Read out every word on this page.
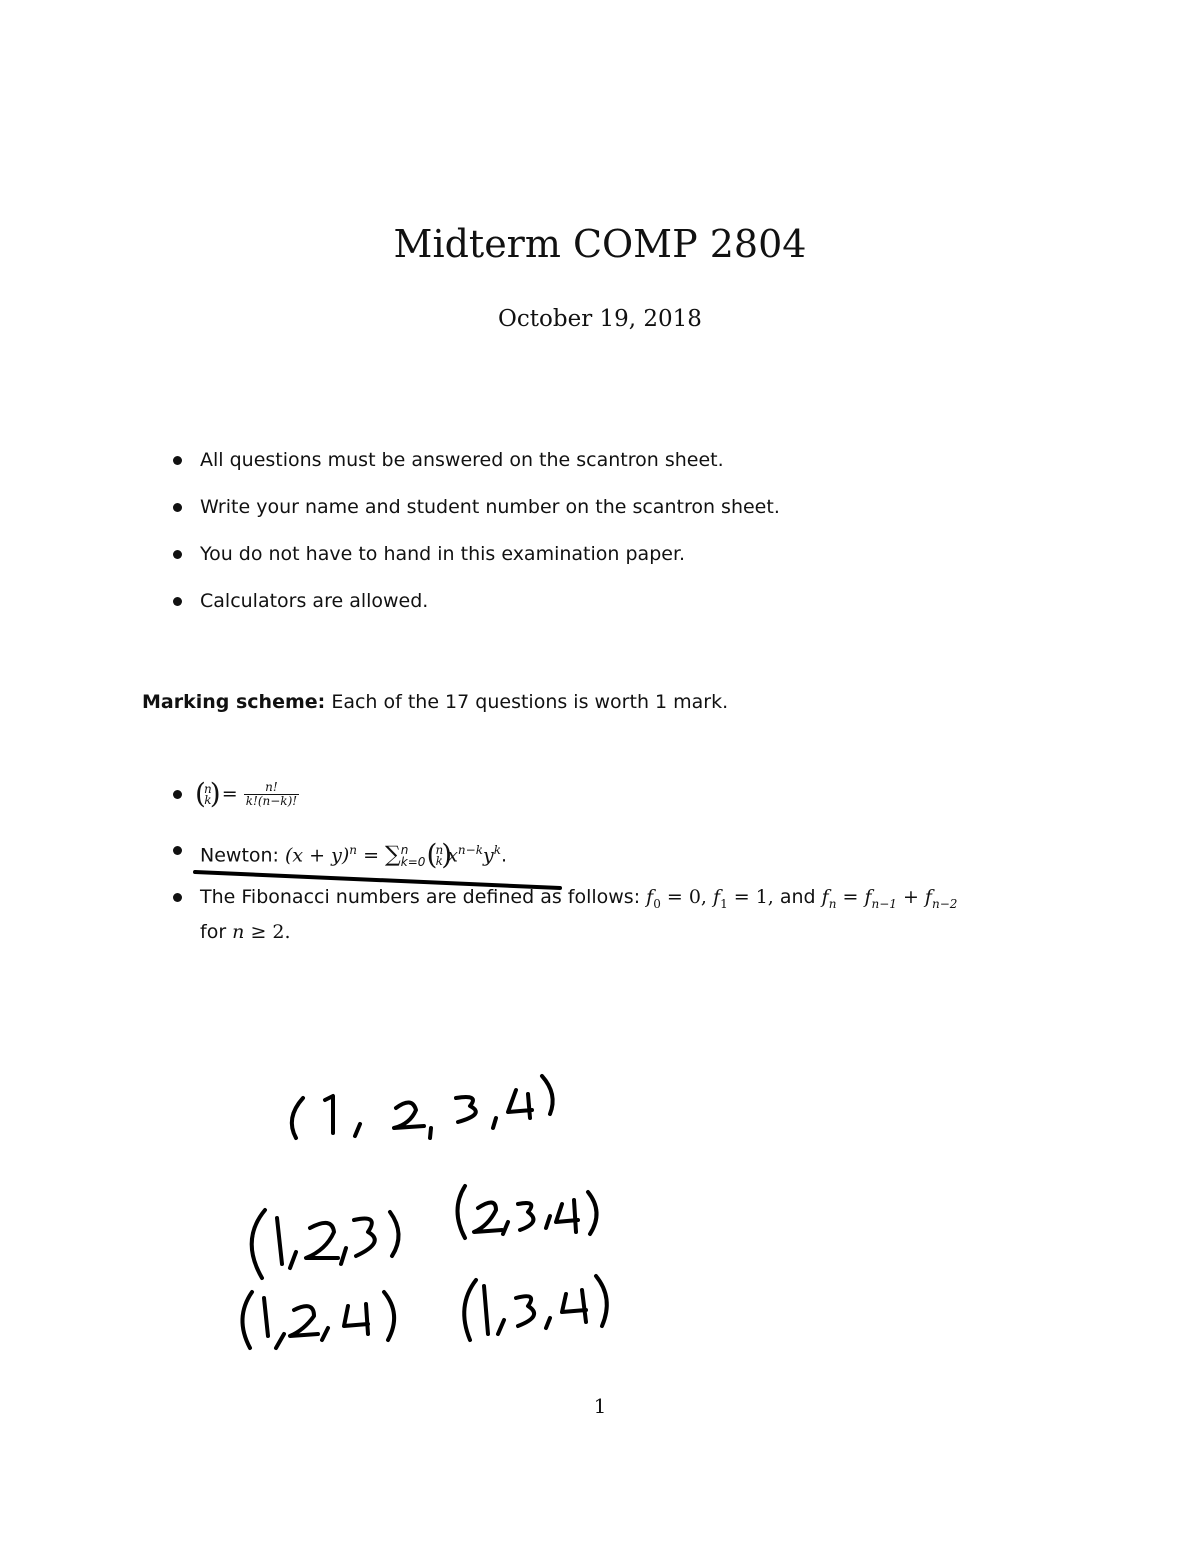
Midterm COMP 2804
October 19, 2018
All questions must be answered on the scantron sheet.
Write your name and student number on the scantron sheet.
You do not have to hand in this examination paper.
Calculators are allowed.
Marking scheme: Each of the 17 questions is worth 1 mark.
( n
k
) = $\frac{n!}{k!(n-k)!}$
Newton: $(x + y)^n$ = ∑ n
k=0

( n
k
) $x^{n-k}y^k$.
The Fibonacci numbers are defined as follows: $f_0 = 0$, $f_1 = 1$, and $f_n = f_{n-1} + f_{n-2}$
for n ≥ 2.
1
